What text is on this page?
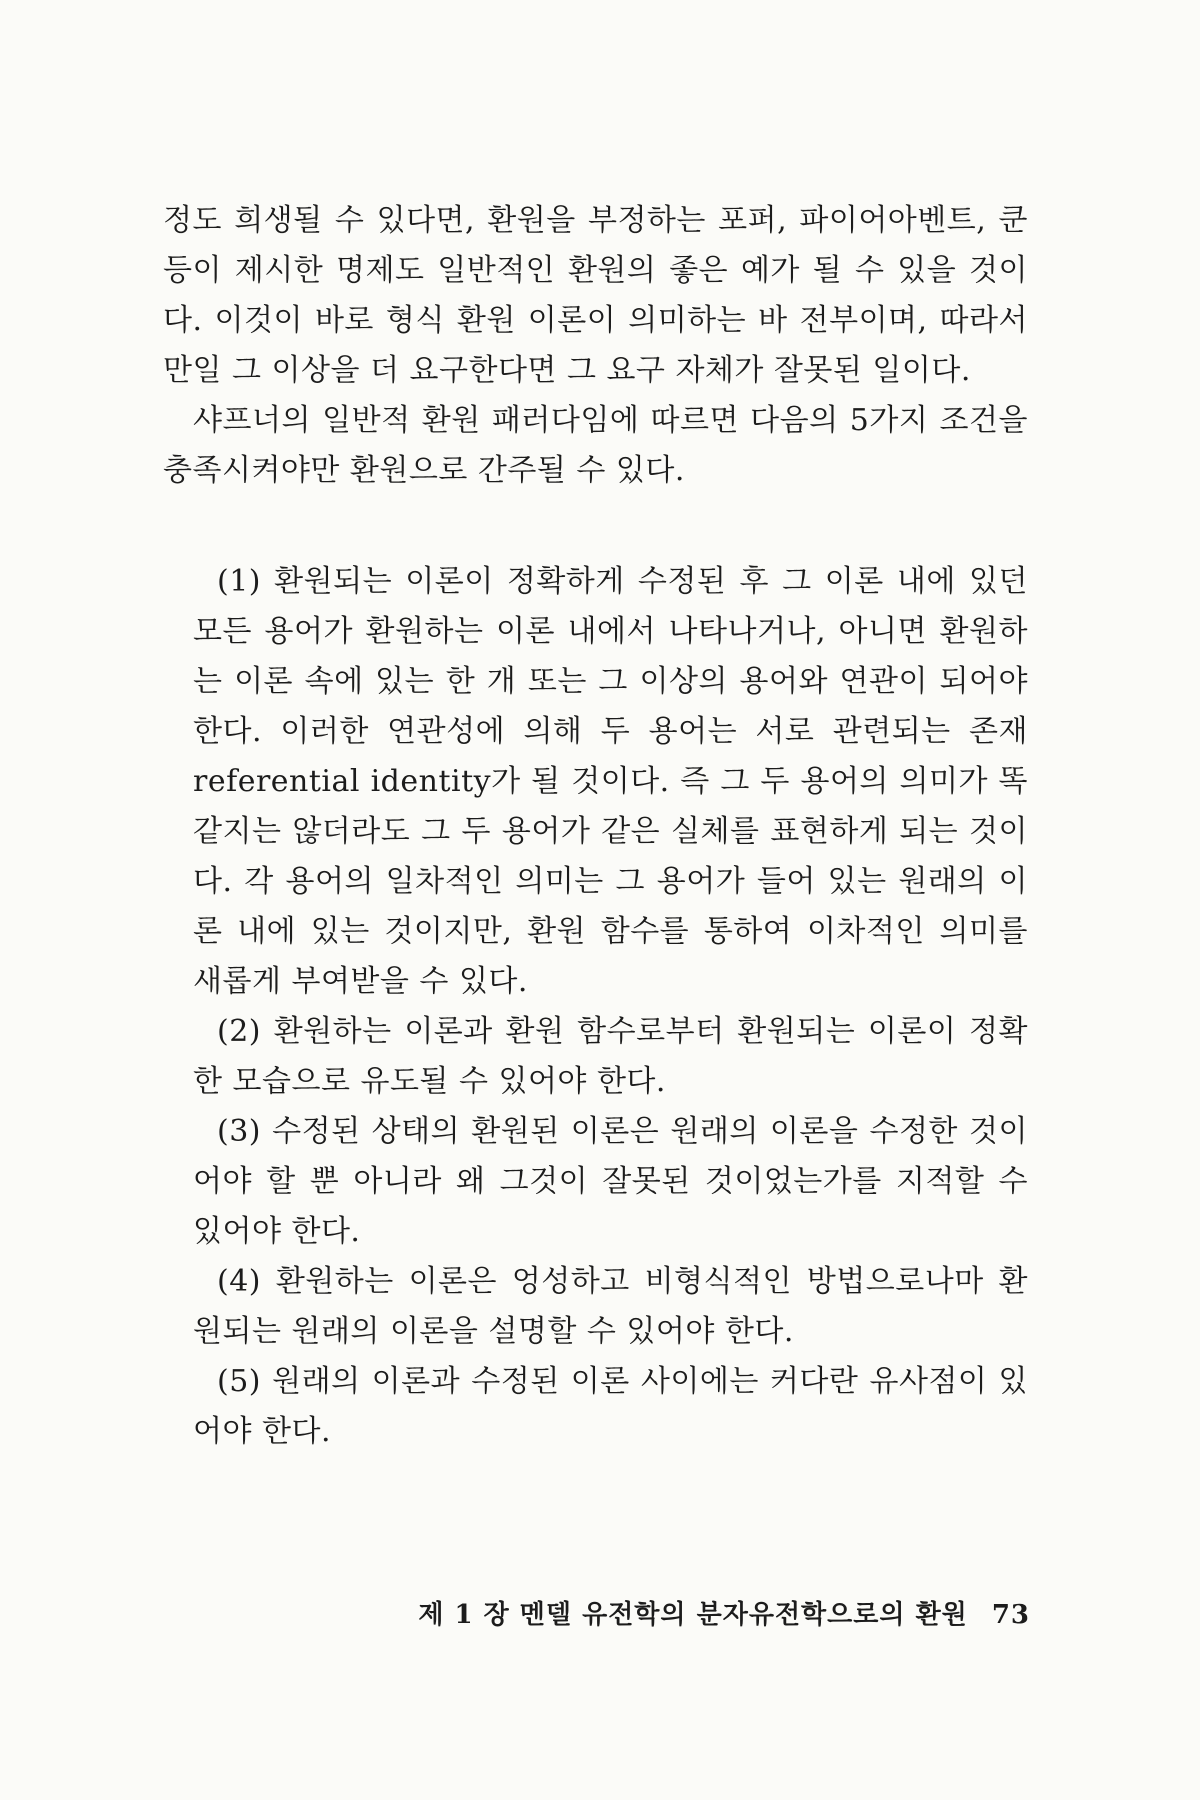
정도 희생될 수 있다면, 환원을 부정하는 포퍼, 파이어아벤트, 쿤 등이 제시한 명제도 일반적인 환원의 좋은 예가 될 수 있을 것이다. 이것이 바로 형식 환원 이론이 의미하는 바 전부이며, 따라서 만일 그 이상을 더 요구한다면 그 요구 자체가 잘못된 일이다.

샤프너의 일반적 환원 패러다임에 따르면 다음의 5가지 조건을 충족시켜야만 환원으로 간주될 수 있다.

(1) 환원되는 이론이 정확하게 수정된 후 그 이론 내에 있던 모든 용어가 환원하는 이론 내에서 나타나거나, 아니면 환원하는 이론 속에 있는 한 개 또는 그 이상의 용어와 연관이 되어야 한다. 이러한 연관성에 의해 두 용어는 서로 관련되는 존재 referential identity가 될 것이다. 즉 그 두 용어의 의미가 똑같지는 않더라도 그 두 용어가 같은 실체를 표현하게 되는 것이다. 각 용어의 일차적인 의미는 그 용어가 들어 있는 원래의 이론 내에 있는 것이지만, 환원 함수를 통하여 이차적인 의미를 새롭게 부여받을 수 있다.

(2) 환원하는 이론과 환원 함수로부터 환원되는 이론이 정확한 모습으로 유도될 수 있어야 한다.

(3) 수정된 상태의 환원된 이론은 원래의 이론을 수정한 것이어야 할 뿐 아니라 왜 그것이 잘못된 것이었는가를 지적할 수 있어야 한다.

(4) 환원하는 이론은 엉성하고 비형식적인 방법으로나마 환원되는 원래의 이론을 설명할 수 있어야 한다.

(5) 원래의 이론과 수정된 이론 사이에는 커다란 유사점이 있어야 한다.

제 1 장 멘델 유전학의 분자유전학으로의 환원 73
